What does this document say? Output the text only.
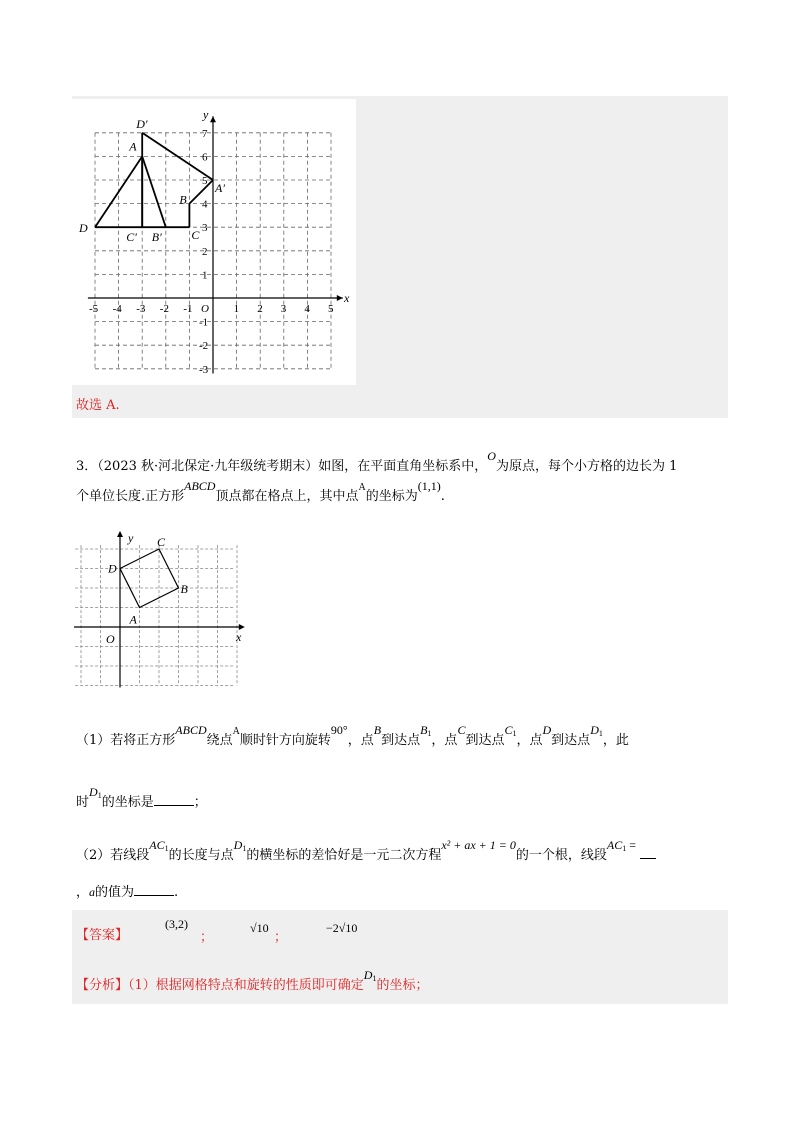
x
y
-5 -4 -3 -2 -1 O 1 2 3 4 5
7
6
5
4
3
2
1
-1
-2
-3
D′
A
A′
B
D
C′ B′ C
故选 A.
3．（2023 秋·河北保定·九年级统考期末）如图，在平面直角坐标系中，O为原点，每个小方格的边长为 1
个单位长度.正方形ABCD顶点都在格点上，其中点$^A$的坐标为(1,1).
A
B
C
D
O	x
y
（1）若将正方形ABCD绕点$^A$顺时针方向旋转90°，点B到达点B1，点C到达点C1，点D到达点D1，此
时D1的坐标是	；
（2）若线段AC1的长度与点D1的横坐标的差恰好是一元二次方程x² + ax + 1 = 0的一个根，线段AC1 =
，a的值为	.
【答案】
(3,2)
；
√10
；
−2√10
【分析】（1）根据网格特点和旋转的性质即可确定D1的坐标；
